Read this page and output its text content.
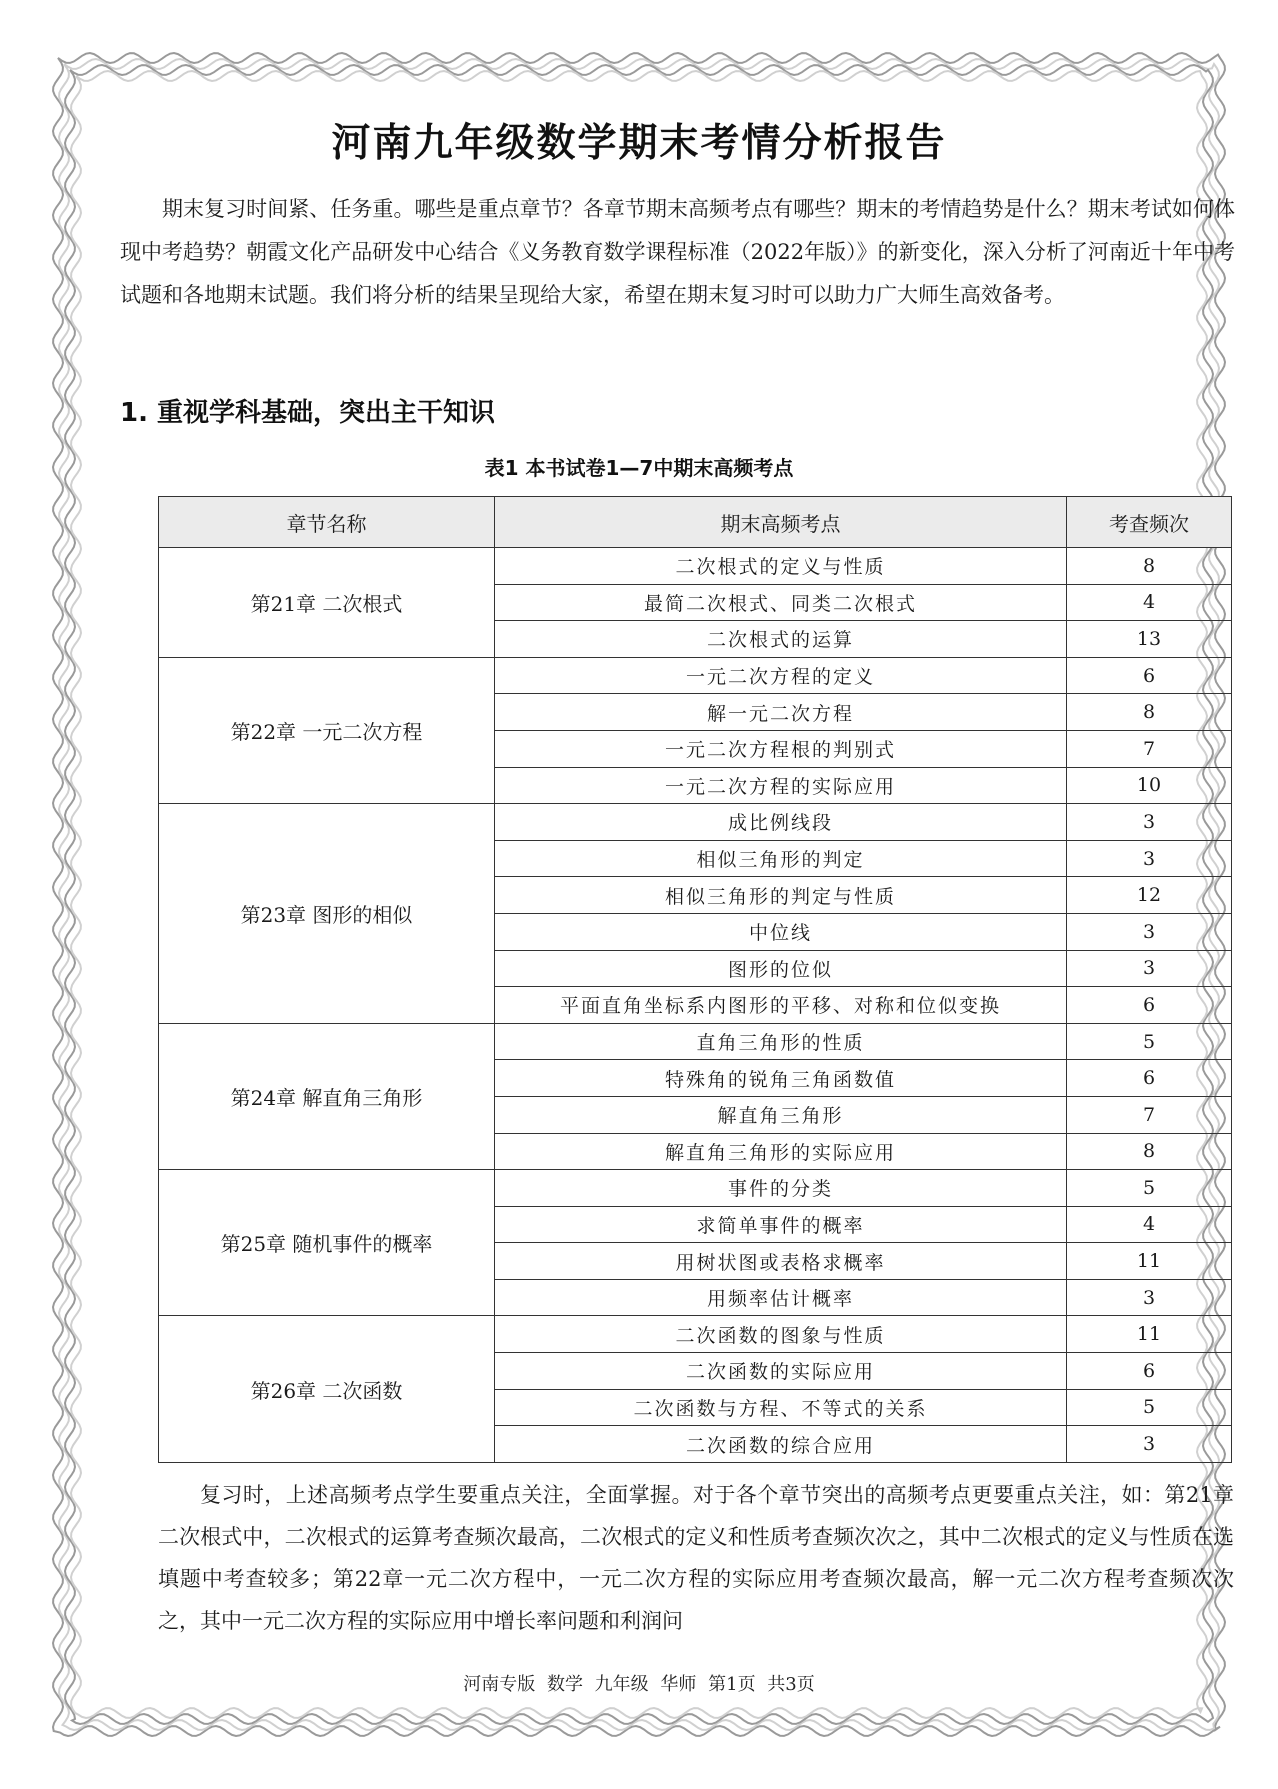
河南九年级数学期末考情分析报告

期末复习时间紧、任务重。哪些是重点章节？各章节期末高频考点有哪些？期末的考情趋势是什么？期末考试如何体现中考趋势？朝霞文化产品研发中心结合《义务教育数学课程标准（2022年版）》的新变化，深入分析了河南近十年中考试题和各地期末试题。我们将分析的结果呈现给大家，希望在期末复习时可以助力广大师生高效备考。

1. 重视学科基础，突出主干知识
表1 本书试卷1—7中期末高频考点
章节名称	期末高频考点	考查频次
第21章 二次根式	二次根式的定义与性质	8
	最简二次根式、同类二次根式	4
	二次根式的运算	13
第22章 一元二次方程	一元二次方程的定义	6
	解一元二次方程	8
	一元二次方程根的判别式	7
	一元二次方程的实际应用	10
第23章 图形的相似	成比例线段	3
	相似三角形的判定	3
	相似三角形的判定与性质	12
	中位线	3
	图形的位似	3
	平面直角坐标系内图形的平移、对称和位似变换	6
第24章 解直角三角形	直角三角形的性质	5
	特殊角的锐角三角函数值	6
	解直角三角形	7
	解直角三角形的实际应用	8
第25章 随机事件的概率	事件的分类	5
	求简单事件的概率	4
	用树状图或表格求概率	11
	用频率估计概率	3
第26章 二次函数	二次函数的图象与性质	11
	二次函数的实际应用	6
	二次函数与方程、不等式的关系	5
	二次函数的综合应用	3

复习时，上述高频考点学生要重点关注，全面掌握。对于各个章节突出的高频考点更要重点关注，如：第21章二次根式中，二次根式的运算考查频次最高，二次根式的定义和性质考查频次次之，其中二次根式的定义与性质在选填题中考查较多；第22章一元二次方程中，一元二次方程的实际应用考查频次最高，解一元二次方程考查频次次之，其中一元二次方程的实际应用中增长率问题和利润问

河南专版 数学 九年级 华师 第1页 共3页
